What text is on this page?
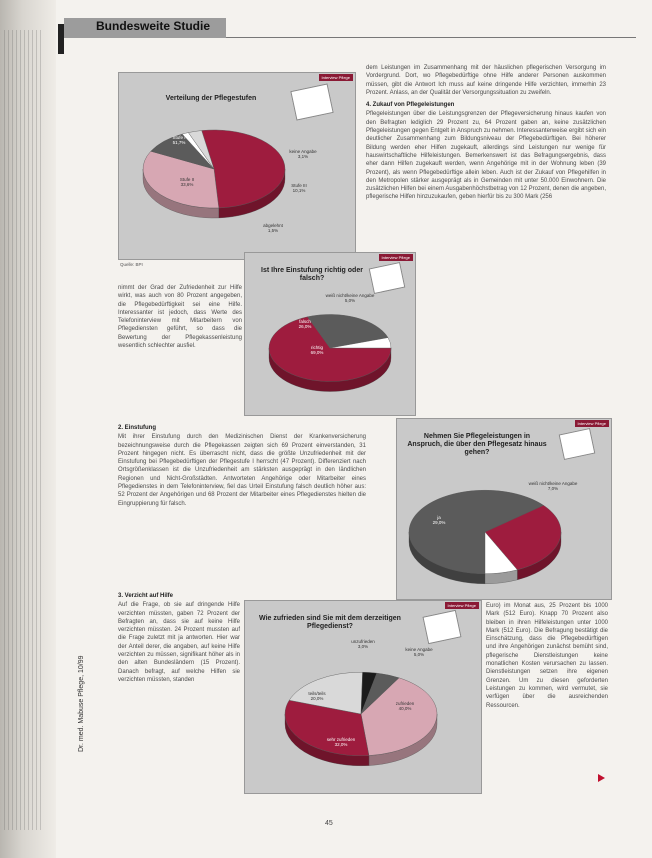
Bundesweite Studie
Dr. med. Mabuse Pflege, 10/99
dem Leistungen im Zusammenhang mit der häuslichen pflegerischen Versorgung im Vordergrund. Dort, wo Pflegebedürftige ohne Hilfe anderer Personen auskommen müssen, gibt die Antwort Ich muss auf keine dringende Hilfe verzichten, immerhin 23 Prozent. Anlass, an der Qualität der Versorgungssituation zu zweifeln.
4. Zukauf von Pflegeleistungen
Pflegeleistungen über die Leistungsgrenzen der Pflegeversicherung hinaus kaufen von den Befragten lediglich 29 Prozent zu, 64 Prozent gaben an, keine zusätzlichen Pflegeleistungen gegen Entgelt in Anspruch zu nehmen. Interessanterweise ergibt sich ein deutlicher Zusammenhang zum Bildungsniveau der Pflegebedürftigen. Bei höherer Bildung werden eher Hilfen zugekauft, allerdings sind Leistungen nur wenige für hauswirtschaftliche Hilfeleistungen. Bemerkenswert ist das Befragungsergebnis, dass eher dann Hilfen zugekauft werden, wenn Angehörige mit in der Wohnung leben (39 Prozent), als wenn Pflegebedürftige allein leben. Auch ist der Zukauf von Pflegehilfen in den Metropolen stärker ausgeprägt als in Gemeinden mit unter 50.000 Einwohnern. Die zusätzlichen Hilfen bei einem Ausgabenhöchstbetrag von 12 Prozent, denen die angeben, pflegerische Hilfen hinzuzukaufen, geben hierfür bis zu 300 Mark (256
nimmt der Grad der Zufriedenheit zur Hilfe wirkt, was auch von 80 Prozent angegeben, die Pflegebedürftigkeit sei eine Hilfe. Interessanter ist jedoch, dass Werte des Telefoninterview mit Mitarbeitern von Pflegediensten geführt, so dass die Bewertung der Pflegekassenleistung wesentlich schlechter ausfiel.
2. Einstufung
Mit ihrer Einstufung durch den Medizinischen Dienst der Krankenversicherung bezeichnungsweise durch die Pflegekassen zeigten sich 69 Prozent einverstanden, 31 Prozent hingegen nicht. Es überrascht nicht, dass die größte Unzufriedenheit mit der Einstufung bei Pflegebedürftigen der Pflegestufe I herrscht (47 Prozent). Differenziert nach Ortsgrößenklassen ist die Unzufriedenheit am stärksten ausgeprägt in den ländlichen Regionen und Nicht-Großstädten. Antworteten Angehörige oder Mitarbeiter eines Pflegedienstes in dem Telefoninterview, fiel das Urteil Einstufung falsch deutlich höher aus: 52 Prozent der Angehörigen und 68 Prozent der Mitarbeiter eines Pflegedienstes hielten die Eingruppierung für falsch.
3. Verzicht auf Hilfe
Auf die Frage, ob sie auf dringende Hilfe verzichten müssten, gaben 72 Prozent der Befragten an, dass sie auf keine Hilfe verzichten müssten. 24 Prozent mussten auf die Frage zuletzt mit ja antworten. Hier war der Anteil derer, die angaben, auf keine Hilfe verzichten zu müssen, signifikant höher als in den alten Bundesländern (15 Prozent). Danach befragt, auf welche Hilfen sie verzichten müssten, standen
Euro) im Monat aus, 25 Prozent bis 1000 Mark (512 Euro). Knapp 70 Prozent also bleiben in ihren Hilfeleistungen unter 1000 Mark (512 Euro). Die Befragung bestätigt die Einschätzung, dass die Pflegebedürftigen und ihre Angehörigen zunächst bemüht sind, pflegerische Dienstleistungen keine monatlichen Kosten verursachen zu lassen. Dienstleistungen setzen ihre eigenen Grenzen. Um zu diesen geforderten Leistungen zu kommen, wird vermutet, sie verfügen über die ausreichenden Ressourcen.
Interview Pflege
Verteilung der Pflegestufen
Stufe I
51,7%
Stufe II
33,6%	Stufe III
10,1%
abgelehnt
1,5%
keine Angabe
3,1%
Quelle: BPI
Interview Pflege
Ist Ihre Einstufung richtig oder falsch?
richtig
69,0%
falsch
26,0%
weiß nicht/keine Angabe
5,0%
Interview Pflege
Nehmen Sie Pflegeleistungen in Anspruch, die über den Pflegesatz hinaus gehen?
nein
64,0%
ja
29,0%
weiß nicht/keine Angabe
7,0%
Interview Pflege
Wie zufrieden sind Sie mit dem derzeitigen Pflegedienst?
zufrieden
40,0%
sehr zufrieden
32,0%
teils/teils
20,0%
unzufrieden
3,0%
keine Angabe
5,0%
45
